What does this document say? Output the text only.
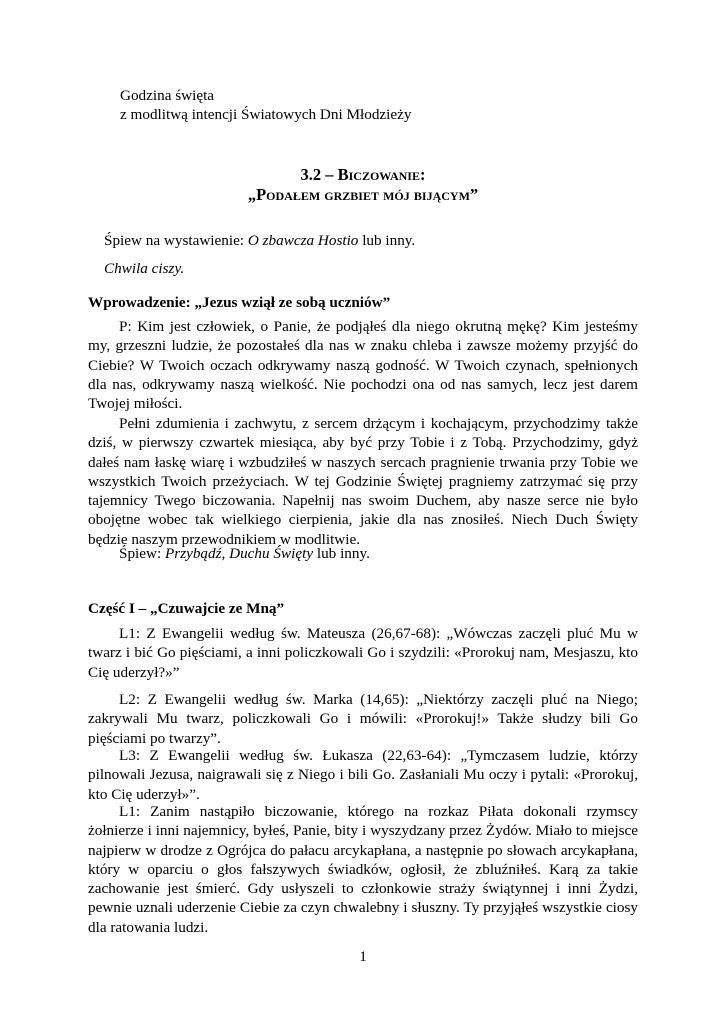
Godzina święta
z modlitwą intencji Światowych Dni Młodzieży
3.2 – Biczowanie:
„Podałem grzbiet mój bijącym”
Śpiew na wystawienie: O zbawcza Hostio lub inny.
Chwila ciszy.
Wprowadzenie: „Jezus wziął ze sobą uczniów”
P: Kim jest człowiek, o Panie, że podjąłeś dla niego okrutną mękę? Kim jesteśmy my, grzeszni ludzie, że pozostałeś dla nas w znaku chleba i zawsze możemy przyjść do Ciebie? W Twoich oczach odkrywamy naszą godność. W Twoich czynach, spełnionych dla nas, odkrywamy naszą wielkość. Nie pochodzi ona od nas samych, lecz jest darem Twojej miłości.
Pełni zdumienia i zachwytu, z sercem drżącym i kochającym, przychodzimy także dziś, w pierwszy czwartek miesiąca, aby być przy Tobie i z Tobą. Przychodzimy, gdyż dałeś nam łaskę wiarę i wzbudziłeś w naszych sercach pragnienie trwania przy Tobie we wszystkich Twoich przeżyciach. W tej Godzinie Świętej pragniemy zatrzymać się przy tajemnicy Twego biczowania. Napełnij nas swoim Duchem, aby nasze serce nie było obojętne wobec tak wielkiego cierpienia, jakie dla nas znosiłeś. Niech Duch Święty będzie naszym przewodnikiem w modlitwie.
Śpiew: Przybądź, Duchu Święty lub inny.
Część I – „Czuwajcie ze Mną”
L1: Z Ewangelii według św. Mateusza (26,67-68): „Wówczas zaczęli pluć Mu w twarz i bić Go pięściami, a inni policzkowali Go i szydzili: «Prorokuj nam, Mesjaszu, kto Cię uderzył?»”
L2: Z Ewangelii według św. Marka (14,65): „Niektórzy zaczęli pluć na Niego; zakrywali Mu twarz, policzkowali Go i mówili: «Prorokuj!» Także słudzy bili Go pięściami po twarzy”.
L3: Z Ewangelii według św. Łukasza (22,63-64): „Tymczasem ludzie, którzy pilnowali Jezusa, naigrawali się z Niego i bili Go. Zasłaniali Mu oczy i pytali: «Prorokuj, kto Cię uderzył»”.
L1: Zanim nastąpiło biczowanie, którego na rozkaz Piłata dokonali rzymscy żołnierze i inni najemnicy, byłeś, Panie, bity i wyszydzany przez Żydów. Miało to miejsce najpierw w drodze z Ogrójca do pałacu arcykapłana, a następnie po słowach arcykapłana, który w oparciu o głos fałszywych świadków, ogłosił, że zbluźniłeś. Karą za takie zachowanie jest śmierć. Gdy usłyszeli to członkowie straży świątynnej i inni Żydzi, pewnie uznali uderzenie Ciebie za czyn chwalebny i słuszny. Ty przyjąłeś wszystkie ciosy dla ratowania ludzi.
1
